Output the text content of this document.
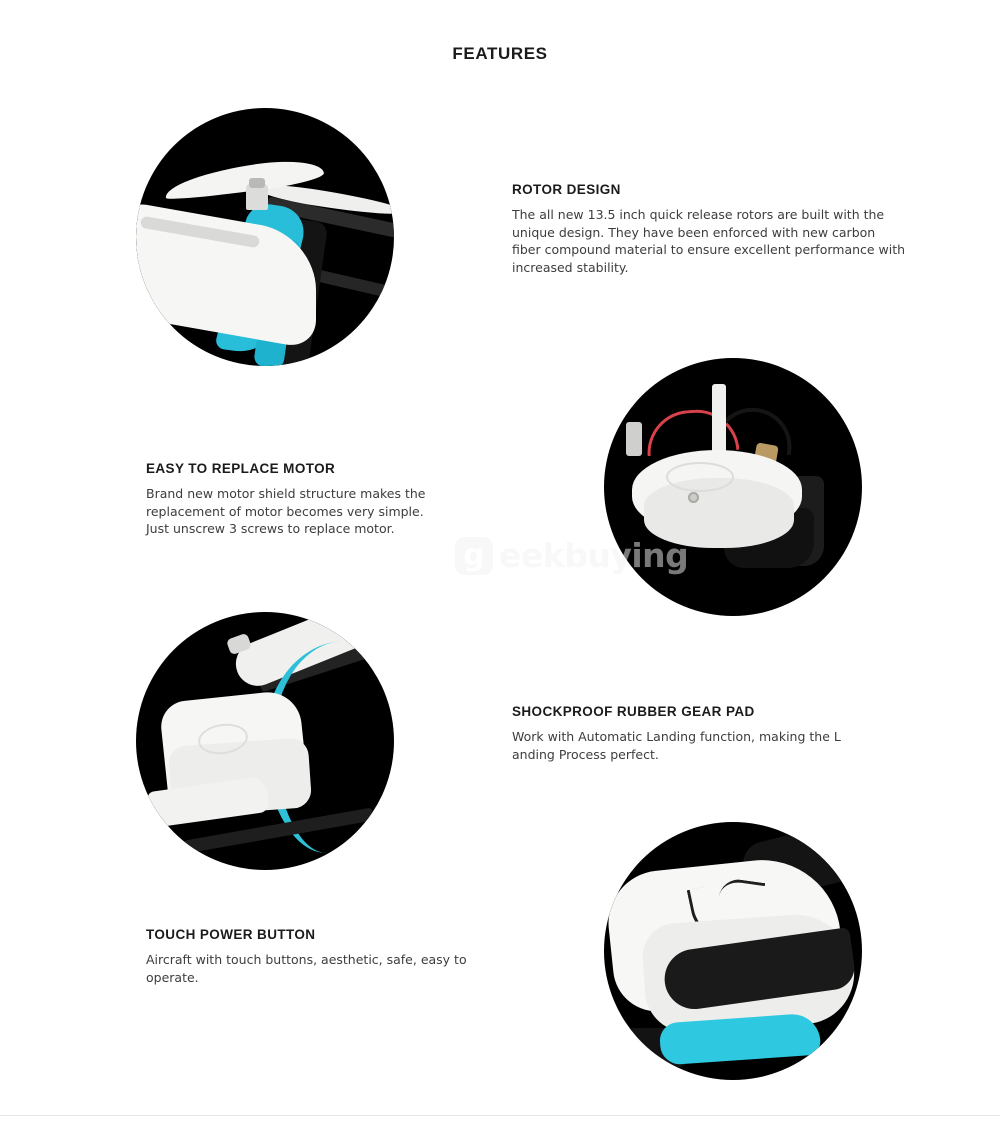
FEATURES

ROTOR DESIGN

The all new 13.5 inch quick release rotors are built with the unique design. They have been enforced with new carbon fiber compound material to ensure excellent performance with increased stability.

EASY TO REPLACE MOTOR

Brand new motor shield structure makes the replacement of motor becomes very simple. Just unscrew 3 screws to replace motor.

g eekbuying

SHOCKPROOF RUBBER GEAR PAD

Work with Automatic Landing function, making the L anding Process perfect.

TOUCH POWER BUTTON

Aircraft with touch buttons, aesthetic, safe, easy to operate.
